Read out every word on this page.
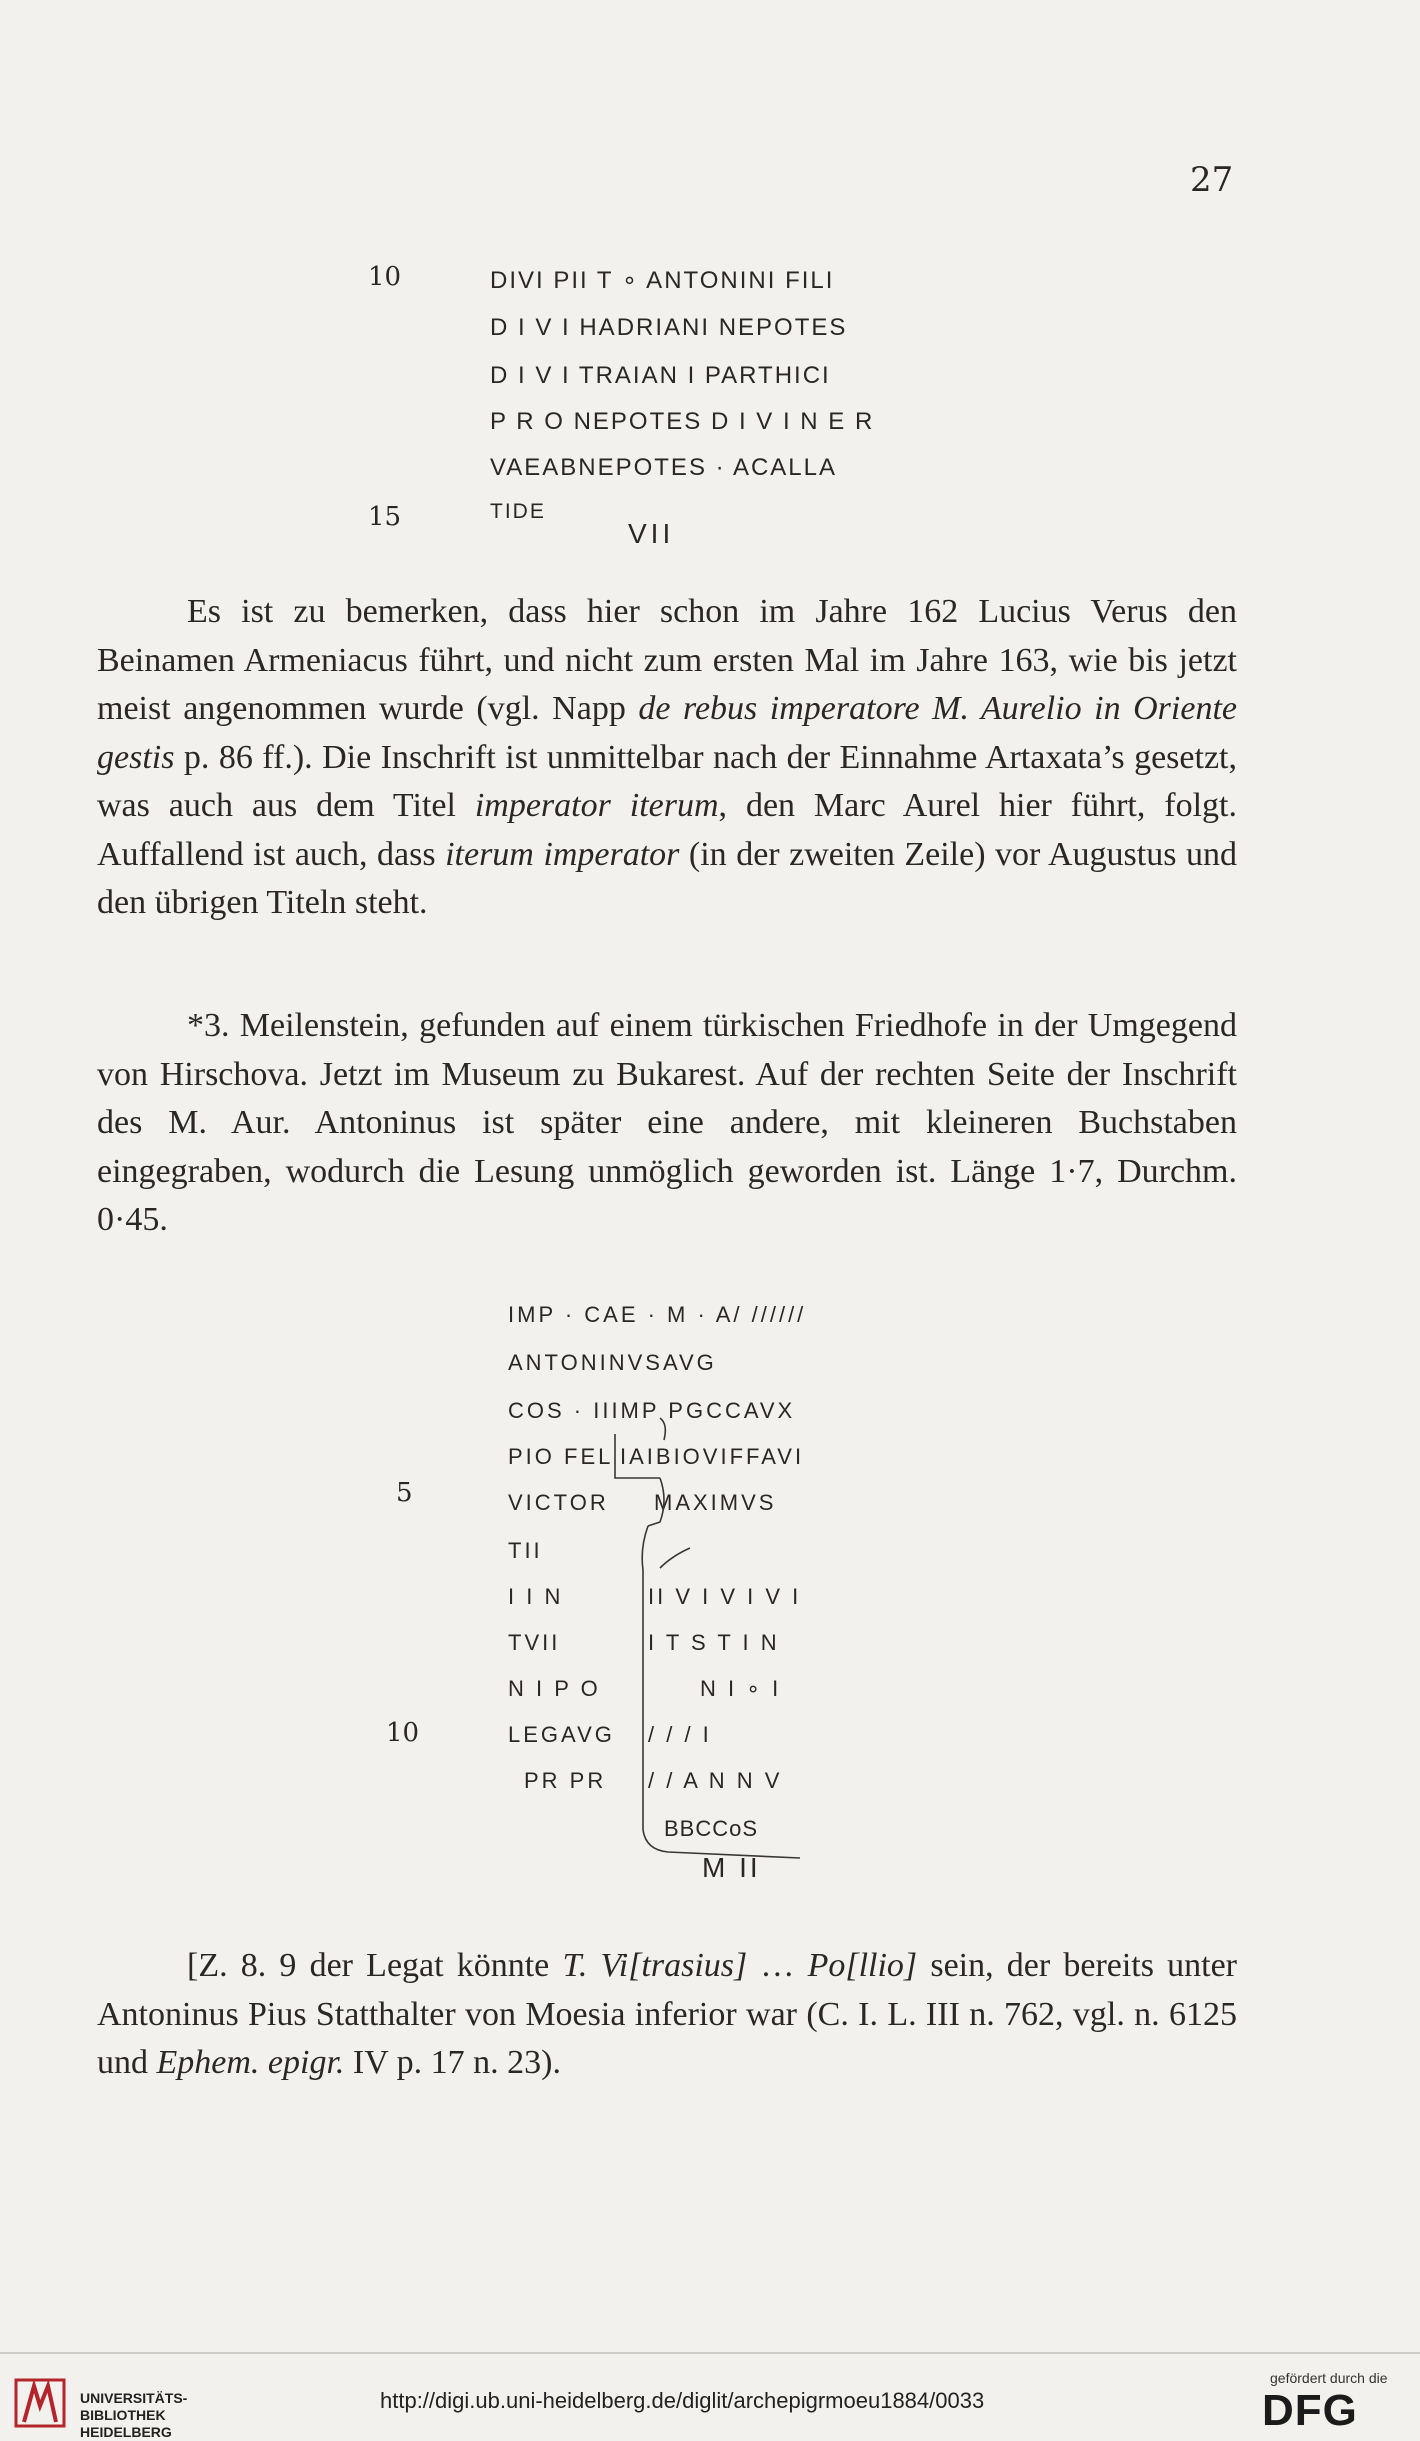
27
10
15
DIVI PII T ∘ ANTONINI FILI
D I V I HADRIANI NEPOTES
D I V I TRAIAN I PARTHICI
P R O NEPOTES D I V I N E R
VAEABNEPOTES · ACALLA
TIDE
VII

Es ist zu bemerken, dass hier schon im Jahre 162 Lucius Verus den Beinamen Armeniacus führt, und nicht zum ersten Mal im Jahre 163, wie bis jetzt meist angenommen wurde (vgl. Napp de rebus imperatore M. Aurelio in Oriente gestis p. 86 ff.). Die Inschrift ist unmittelbar nach der Einnahme Artaxata’s gesetzt, was auch aus dem Titel imperator iterum, den Marc Aurel hier führt, folgt. Auffallend ist auch, dass iterum imperator (in der zweiten Zeile) vor Augustus und den übrigen Titeln steht.

*3. Meilenstein, gefunden auf einem türkischen Friedhofe in der Umgegend von Hirschova. Jetzt im Museum zu Bukarest. Auf der rechten Seite der Inschrift des M. Aur. Antoninus ist später eine andere, mit kleineren Buchstaben eingegraben, wodurch die Lesung unmöglich geworden ist. Länge 1·7, Durchm. 0·45.

5
10
IMP · CAE · M · A/ //////
ANTONINVSAVG
COS · IIIMP PGCCAVX
PIO FEL
VICTOR
TII
I I N
TVII
N I P O
LEGAVG
PR PR
IAIBIOVIFFAVI
MAXIMVS
II V I V I V I
I T S T I N
N I ∘ I
/ / / I
/ / A N N V
BBCCoS
M II

[Z. 8. 9 der Legat könnte T. Vi[trasius] … Po[llio] sein, der bereits unter Antoninus Pius Statthalter von Moesia inferior war (C. I. L. III n. 762, vgl. n. 6125 und Ephem. epigr. IV p. 17 n. 23).

UNIVERSITÄTS-
BIBLIOTHEK
HEIDELBERG
http://digi.ub.uni-heidelberg.de/diglit/archepigrmoeu1884/0033
gefördert durch die
DFG
